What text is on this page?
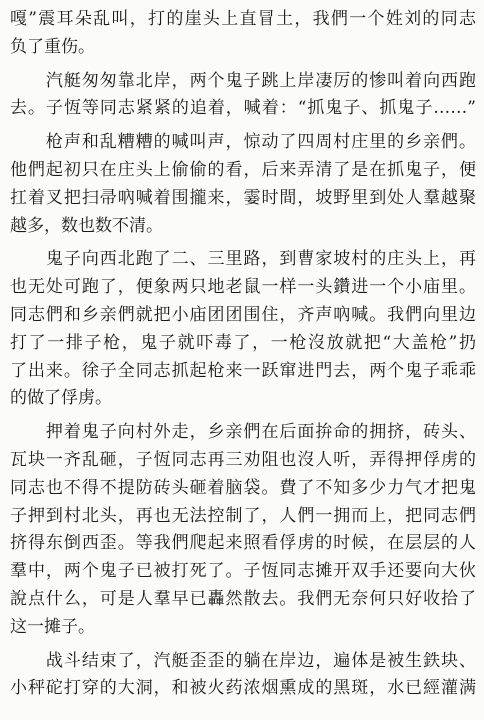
嘎”震耳朵乱叫，打的崖头上直冒土，我們一个姓刘的同志
负了重伤。
　　汽艇匆匆靠北岸，两个鬼子跳上岸凄厉的惨叫着向西跑
去。子恆等同志紧紧的追着，喊着：“抓鬼子、抓鬼子……”
　　枪声和乱糟糟的喊叫声，惊动了四周村庄里的乡亲們。
他們起初只在庄头上偷偷的看，后来弄清了是在抓鬼子，便
扛着叉把扫帚吶喊着围攏来，霎时間，坡野里到处人羣越聚
越多，数也数不清。
　　鬼子向西北跑了二、三里路，到曹家坡村的庄头上，再
也无处可跑了，便象两只地老鼠一样一头鑽进一个小庙里。
同志們和乡亲們就把小庙团团围住，齐声吶喊。我們向里边
打了一排子枪，鬼子就吓毒了，一枪沒放就把“大盖枪”扔
了出来。徐子全同志抓起枪来一跃窜进門去，两个鬼子乖乖
的做了俘虏。
　　押着鬼子向村外走，乡亲們在后面拚命的拥挤，砖头、
瓦块一齐乱砸，子恆同志再三劝阻也沒人听，弄得押俘虏的
同志也不得不提防砖头砸着脑袋。費了不知多少力气才把鬼
子押到村北头，再也无法控制了，人們一拥而上，把同志們
挤得东倒西歪。等我們爬起来照看俘虏的时候，在层层的人
羣中，两个鬼子已被打死了。子恆同志摊开双手还要向大伙
說点什么，可是人羣早已轟然散去。我們无奈何只好收拾了
这一摊子。
　　战斗结束了，汽艇歪歪的躺在岸边，遍体是被生鉄块、
小秤砣打穿的大洞，和被火药浓烟熏成的黑斑，水已經灌满
